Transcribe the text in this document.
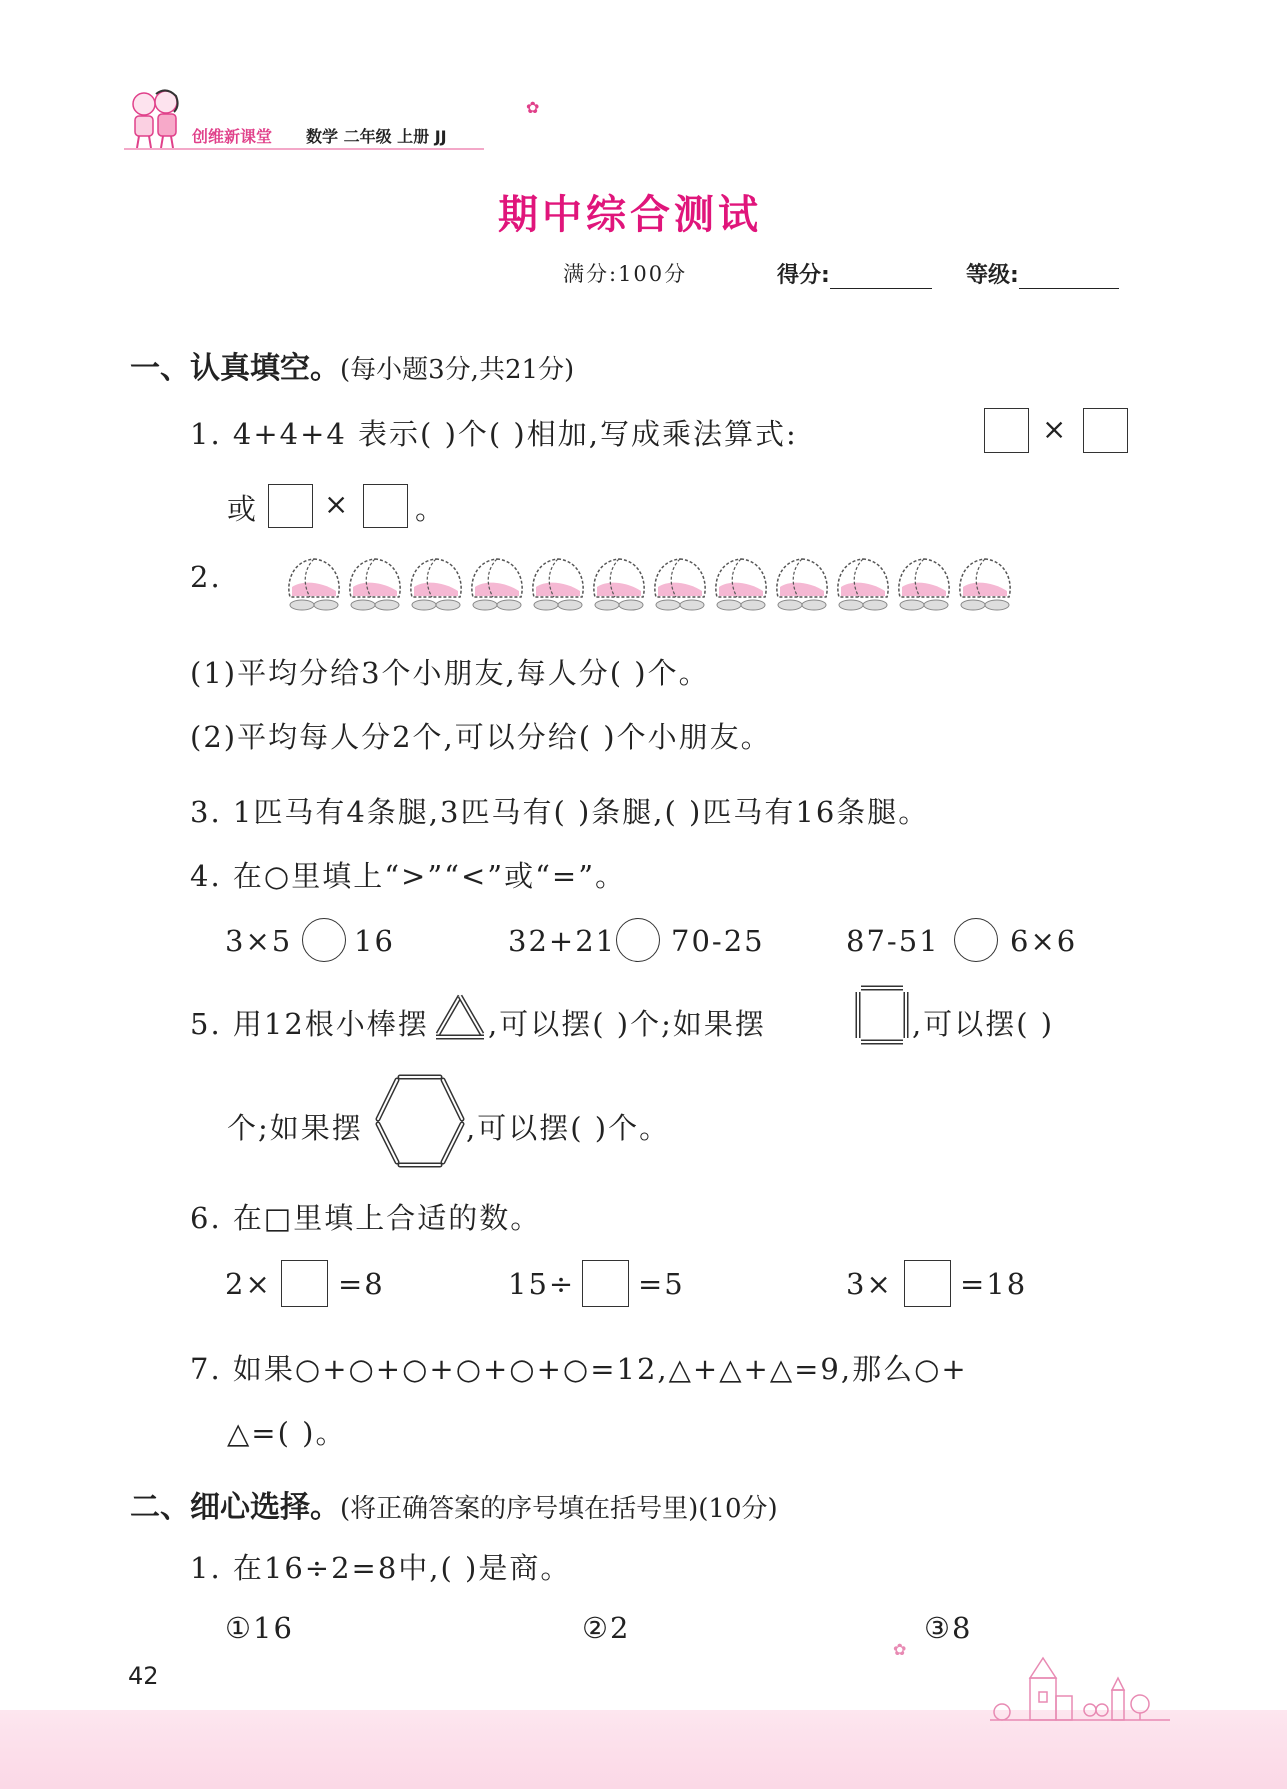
创维新课堂 数学 二年级 上册 JJ
✿
期中综合测试
满分:100分	得分:	等级:
一、认真填空。(每小题3分,共21分)
1. 4+4+4 表示( )个( )相加,写成乘法算式:	×
或 × 。
2.
(1)平均分给3个小朋友,每人分( )个。
(2)平均每人分2个,可以分给( )个小朋友。
3. 1匹马有4条腿,3匹马有( )条腿,( )匹马有16条腿。
4. 在○里填上“>”“<”或“=”。
3×5 16	32+21 70-25	87-51 6×6
5. 用12根小棒摆 ,可以摆( )个;如果摆	,可以摆( )
个;如果摆	,可以摆( )个。
6. 在□里填上合适的数。
2× =8	15÷ =5	3× =18
7. 如果○+○+○+○+○+○=12,△+△+△=9,那么○+
△=( )。
二、细心选择。(将正确答案的序号填在括号里)(10分)
1. 在16÷2=8中,( )是商。
①16	②2	③8
42
✿
